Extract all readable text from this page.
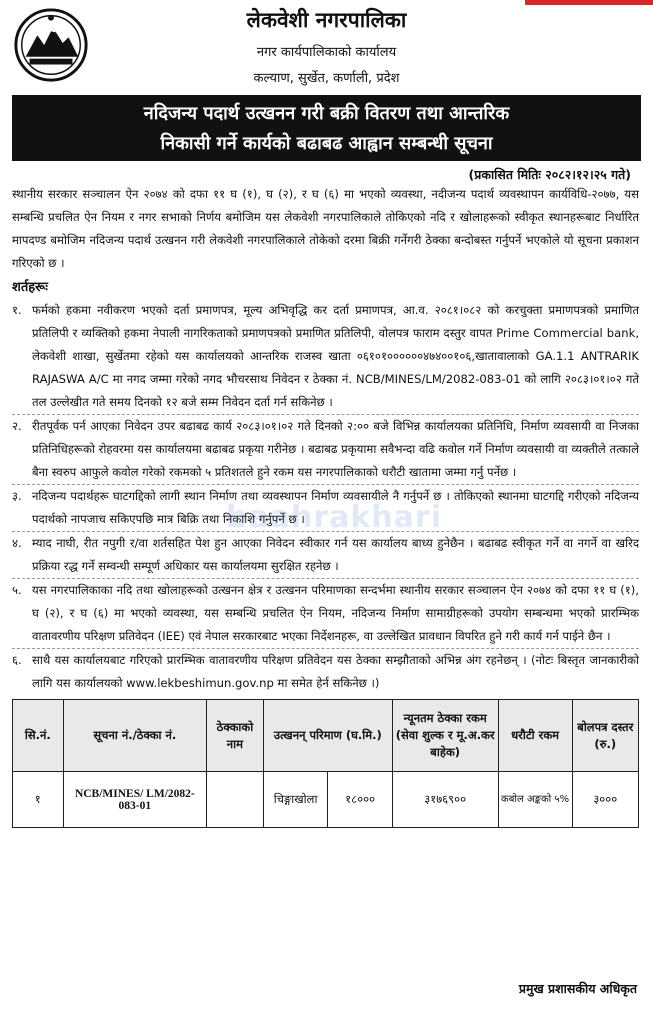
लेकवेशी नगरपालिका
नगर कार्यपालिकाको कार्यालय
कल्याण, सुर्खेत, कर्णाली, प्रदेश
नदिजन्य पदार्थ उत्खनन गरी बक्री वितरण तथा आन्तरिक
निकासी गर्ने कार्यको बढाबढ आह्वान सम्बन्धी सूचना
(प्रकासित मितिः २०८२।१२।२५ गते)
स्थानीय सरकार सञ्चालन ऐन २०७४ को दफा ११ घ (१), घ (२), र घ (६) मा भएको व्यवस्था, नदीजन्य पदार्थ व्यवस्थापन कार्यविधि-२०७७, यस सम्बन्धि प्रचलित ऐन नियम र नगर सभाको निर्णय बमोजिम यस लेकवेशी नगरपालिकाले तोकिएको नदि र खोलाहरूको स्वीकृत स्थानहरूबाट निर्धारित मापदण्ड बमोजिम नदिजन्य पदार्थ उत्खनन गरी लेकवेशी नगरपालिकाले तोकेको दरमा बिक्री गर्नेगरी ठेक्का बन्दोबस्त गर्नुपर्ने भएकोले यो सूचना प्रकाशन गरिएको छ ।
शर्तहरूः
१. फर्मको हकमा नवीकरण भएको दर्ता प्रमाणपत्र, मूल्य अभिवृद्धि कर दर्ता प्रमाणपत्र, आ.व. २०८१।०८२ को करचुक्ता प्रमाणपत्रको प्रमाणित प्रतिलिपी र व्यक्तिको हकमा नेपाली नागरिकताको प्रमाणपत्रको प्रमाणित प्रतिलिपी, वोलपत्र फाराम दस्तुर वापत Prime Commercial bank, लेकवेशी शाखा, सुर्खेतमा रहेको यस कार्यालयको आन्तरिक राजस्व खाता ०६१०१००००००४७४००१०६,खातावालाको GA.1.1 ANTRARIK RAJASWA A/C मा नगद जम्मा गरेको नगद भौचरसाथ निवेदन र ठेक्का नं. NCB/MINES/LM/2082-083-01 को लागि २०८३।०१।०२ गते तल उल्लेखीत गते समय दिनको १२ बजे सम्म निवेदन दर्ता गर्न सकिनेछ ।
२. रीतपूर्वक पर्न आएका निवेदन उपर बढाबढ कार्य २०८३।०१।०२ गते दिनको २:०० बजे विभिन्न कार्यालयका प्रतिनिधि, निर्माण व्यवसायी वा निजका प्रतिनिधिहरूको रोहवरमा यस कार्यालयमा बढाबढ प्रकृया गरीनेछ । बढाबढ प्रकृयामा सवैभन्दा वढि कवोल गर्ने निर्माण व्यवसायी वा व्यक्तीले तत्काले बैना स्वरुप आफुले कवोल गरेको रकमको ५ प्रतिशतले हुने रकम यस नगरपालिकाको धरौटी खातामा जम्मा गर्नु पर्नेछ ।
३. नदिजन्य पदार्थहरू घाटगद्दिको लागी स्थान निर्माण तथा व्यवस्थापन निर्माण व्यवसायीले नै गर्नुपर्ने छ । तोकिएको स्थानमा घाटगद्दि गरीएको नदिजन्य पदार्थको नापजाच सकिएपछि मात्र बिक्रि तथा निकाशि गर्नुपर्ने छ ।
४. म्याद नाघी, रीत नपुगी र/वा शर्तसहित पेश हुन आएका निवेदन स्वीकार गर्न यस कार्यालय बाध्य हुनेछैन । बढाबढ स्वीकृत गर्ने वा नगर्ने वा खरिद प्रक्रिया रद्ध गर्ने सम्वन्धी सम्पूर्ण अधिकार यस कार्यालयमा सुरक्षित रहनेछ ।
५. यस नगरपालिकाका नदि तथा खोलाहरूको उत्खनन क्षेत्र र उत्खनन परिमाणका सन्दर्भमा स्थानीय सरकार सञ्चालन ऐन २०७४ को दफा ११ घ (१), घ (२), र घ (६) मा भएको व्यवस्था, यस सम्बन्धि प्रचलित ऐन नियम, नदिजन्य निर्माण सामाग्रीहरूको उपयोग सम्बन्धमा भएको प्रारम्भिक वातावरणीय परिक्षण प्रतिवेदन (IEE) एवं नेपाल सरकारबाट भएका निर्देशनहरू, वा उल्लेखित प्रावधान विपरित हुने गरी कार्य गर्न पाईने छैन ।
६. साथै यस कार्यालयबाट गरिएको प्रारम्भिक वातावरणीय परिक्षण प्रतिवेदन यस ठेक्का सम्झौताको अभिन्न अंग रहनेछन् । (नोटः बिस्तृत जानकारीको लागि यस कार्यालयको www.lekbeshimun.gov.np मा समेत हेर्न सकिनेछ ।)
baahrakhari
सि.नं.	सूचना नं./ठेक्का नं.	ठेक्काको नाम	उत्खनन् परिमाण (घ.मि.)		न्यूनतम ठेक्का रकम (सेवा शुल्क र मू.अ.कर बाहेक)	धरौटी रकम	बोलपत्र दस्तर (रु.)
१	NCB/MINES/ LM/2082-083-01		चिङ्गाखोला	१८०००	३१७६९००	कबोल अङ्कको ५%	३०००
प्रमुख प्रशासकीय अधिकृत
